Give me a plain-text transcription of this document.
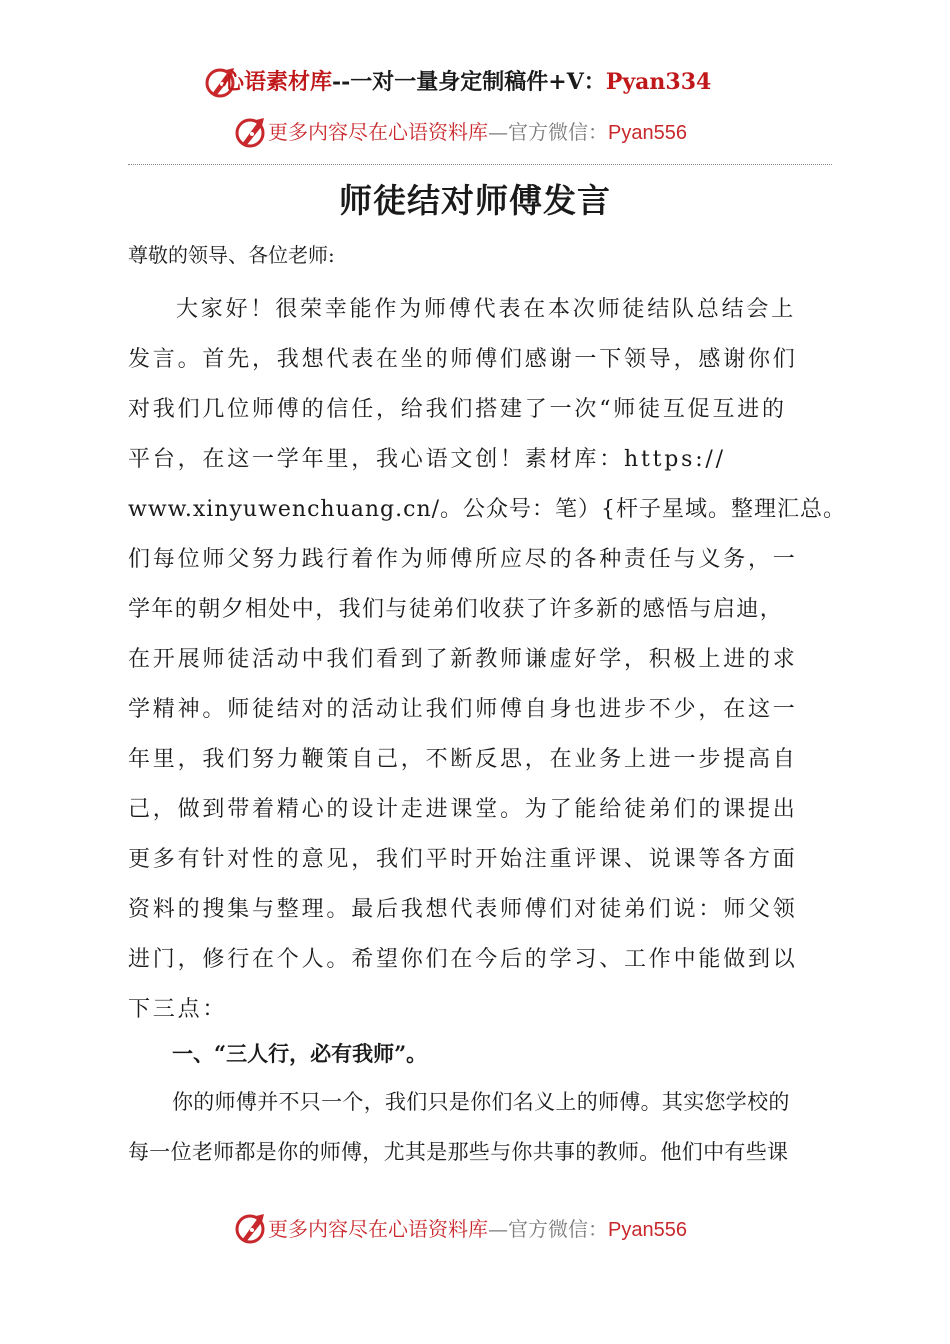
心语素材库--一对一量身定制稿件+V：Pyan334
更多内容尽在心语资料库—官方微信：Pyan556
师徒结对师傅发言
尊敬的领导、各位老师:
大家好！很荣幸能作为师傅代表在本次师徒结队总结会上
发言。首先，我想代表在坐的师傅们感谢一下领导，感谢你们
对我们几位师傅的信任，给我们搭建了一次“师徒互促互进的
平台，在这一学年里，我心语文创！素材库：https://
www.xinyuwenchuang.cn/。公众号：笔）{杆子星域。整理汇总。
们每位师父努力践行着作为师傅所应尽的各种责任与义务，一
学年的朝夕相处中，我们与徒弟们收获了许多新的感悟与启迪，
在开展师徒活动中我们看到了新教师谦虚好学，积极上进的求
学精神。师徒结对的活动让我们师傅自身也进步不少，在这一
年里，我们努力鞭策自己，不断反思，在业务上进一步提高自
己，做到带着精心的设计走进课堂。为了能给徒弟们的课提出
更多有针对性的意见，我们平时开始注重评课、说课等各方面
资料的搜集与整理。最后我想代表师傅们对徒弟们说：师父领
进门，修行在个人。希望你们在今后的学习、工作中能做到以
下三点：
一、“三人行，必有我师”。
你的师傅并不只一个，我们只是你们名义上的师傅。其实您学校的
每一位老师都是你的师傅，尤其是那些与你共事的教师。他们中有些课
更多内容尽在心语资料库—官方微信：Pyan556
